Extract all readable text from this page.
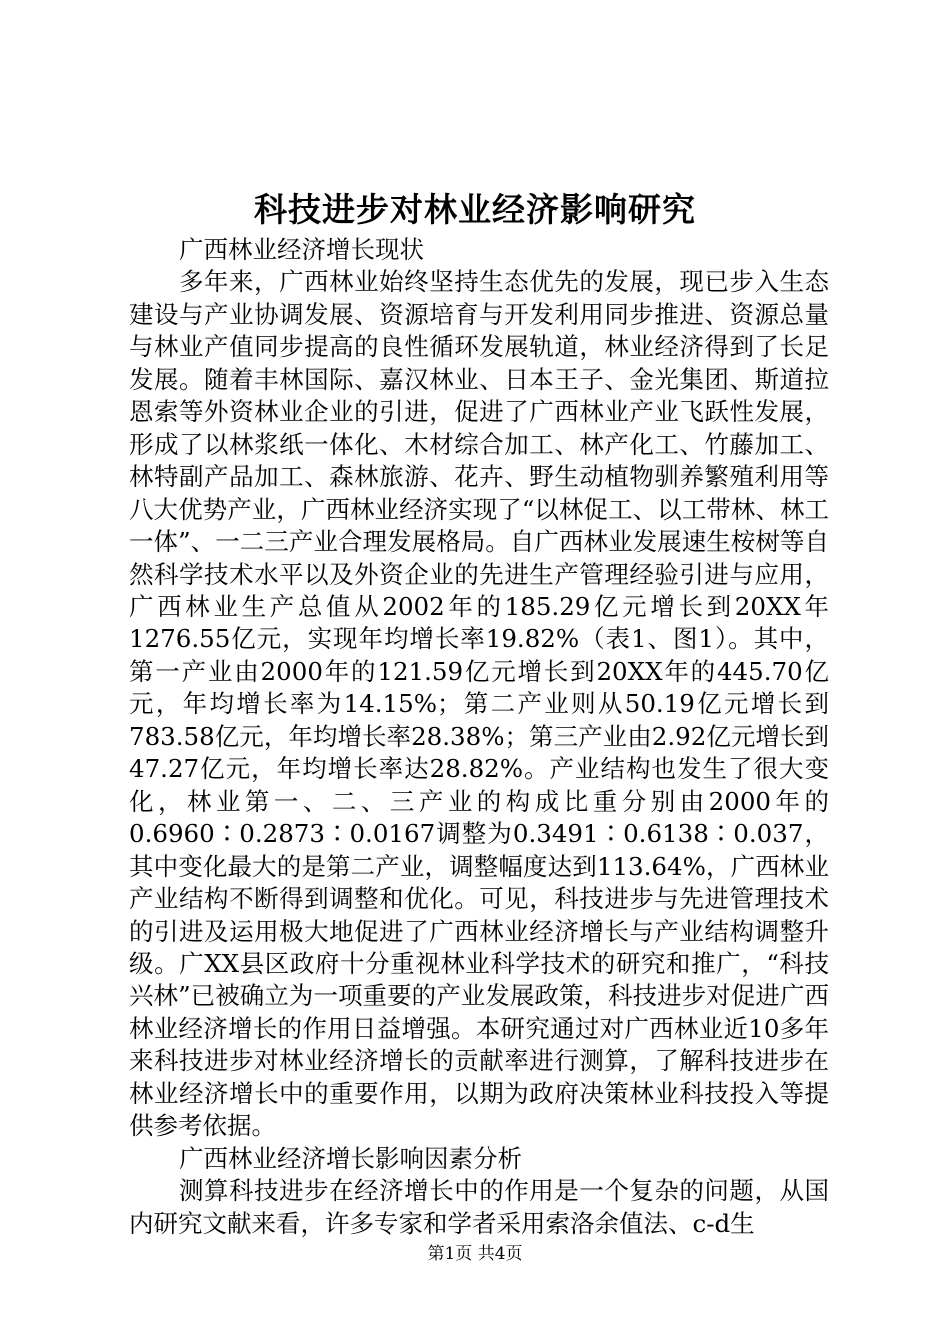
科技进步对林业经济影响研究
广西林业经济增长现状
多年来，广西林业始终坚持生态优先的发展，现已步入生态建设与产业协调发展、资源培育与开发利用同步推进、资源总量与林业产值同步提高的良性循环发展轨道，林业经济得到了长足发展。随着丰林国际、嘉汉林业、日本王子、金光集团、斯道拉恩索等外资林业企业的引进，促进了广西林业产业飞跃性发展，形成了以林浆纸一体化、木材综合加工、林产化工、竹藤加工、林特副产品加工、森林旅游、花卉、野生动植物驯养繁殖利用等八大优势产业，广西林业经济实现了“以林促工、以工带林、林工一体”、一二三产业合理发展格局。自广西林业发展速生桉树等自然科学技术水平以及外资企业的先进生产管理经验引进与应用，广西林业生产总值从2002年的185.29亿元增长到20XX年1276.55亿元，实现年均增长率19.82%（表1、图1）。其中，第一产业由2000年的121.59亿元增长到20XX年的445.70亿元，年均增长率为14.15%；第二产业则从50.19亿元增长到783.58亿元，年均增长率28.38%；第三产业由2.92亿元增长到47.27亿元，年均增长率达28.82%。产业结构也发生了很大变化，林业第一、二、三产业的构成比重分别由2000年的0.6960∶0.2873∶0.0167调整为0.3491∶0.6138∶0.037，其中变化最大的是第二产业，调整幅度达到113.64%，广西林业产业结构不断得到调整和优化。可见，科技进步与先进管理技术的引进及运用极大地促进了广西林业经济增长与产业结构调整升级。广XX县区政府十分重视林业科学技术的研究和推广，“科技兴林”已被确立为一项重要的产业发展政策，科技进步对促进广西林业经济增长的作用日益增强。本研究通过对广西林业近10多年来科技进步对林业经济增长的贡献率进行测算，了解科技进步在林业经济增长中的重要作用，以期为政府决策林业科技投入等提供参考依据。
广西林业经济增长影响因素分析
测算科技进步在经济增长中的作用是一个复杂的问题，从国内研究文献来看，许多专家和学者采用索洛余值法、c-d生
第1页 共4页
